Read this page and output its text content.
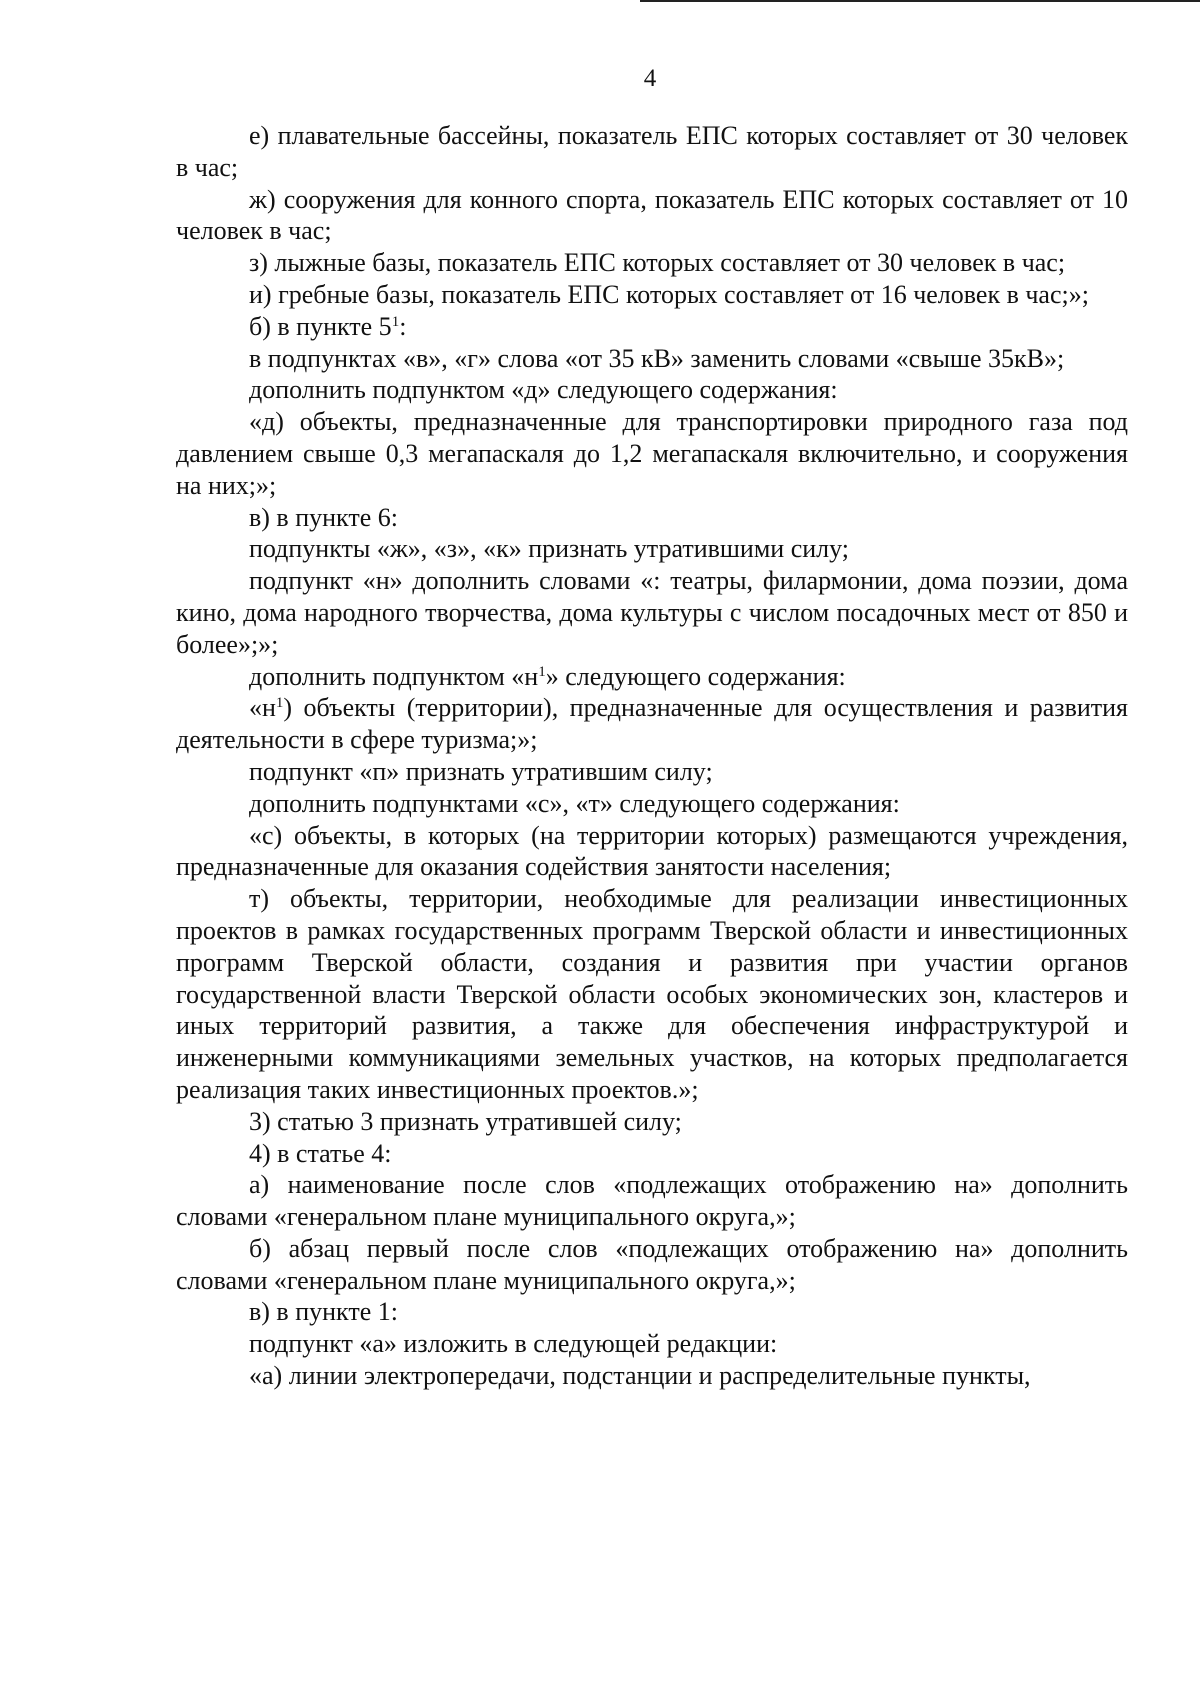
4

е) плавательные бассейны, показатель ЕПС которых составляет от 30 человек в час;

ж) сооружения для конного спорта, показатель ЕПС которых составляет от 10 человек в час;

з) лыжные базы, показатель ЕПС которых составляет от 30 человек в час;

и) гребные базы, показатель ЕПС которых составляет от 16 человек в час;»;

б) в пункте $5^1$:

в подпунктах «в», «г» слова «от 35 кВ» заменить словами «свыше 35кВ»;

дополнить подпунктом «д» следующего содержания:

«д) объекты, предназначенные для транспортировки природного газа под давлением свыше 0,3 мегапаскаля до 1,2 мегапаскаля включительно, и сооружения на них;»;

в) в пункте 6:

подпункты «ж», «з», «к» признать утратившими силу;

подпункт «н» дополнить словами «: театры, филармонии, дома поэзии, дома кино, дома народного творчества, дома культуры с числом посадочных мест от 850 и более»;»;

дополнить подпунктом «$н^1$» следующего содержания:

«$н^1$) объекты (территории), предназначенные для осуществления и развития деятельности в сфере туризма;»;

подпункт «п» признать утратившим силу;

дополнить подпунктами «с», «т» следующего содержания:

«с) объекты, в которых (на территории которых) размещаются учреждения, предназначенные для оказания содействия занятости населения;

т) объекты, территории, необходимые для реализации инвестиционных проектов в рамках государственных программ Тверской области и инвестиционных программ Тверской области, создания и развития при участии органов государственной власти Тверской области особых экономических зон, кластеров и иных территорий развития, а также для обеспечения инфраструктурой и инженерными коммуникациями земельных участков, на которых предполагается реализация таких инвестиционных проектов.»;

3) статью 3 признать утратившей силу;

4) в статье 4:

а) наименование после слов «подлежащих отображению на» дополнить словами «генеральном плане муниципального округа,»;

б) абзац первый после слов «подлежащих отображению на» дополнить словами «генеральном плане муниципального округа,»;

в) в пункте 1:

подпункт «а» изложить в следующей редакции:

«а) линии электропередачи, подстанции и распределительные пункты,
